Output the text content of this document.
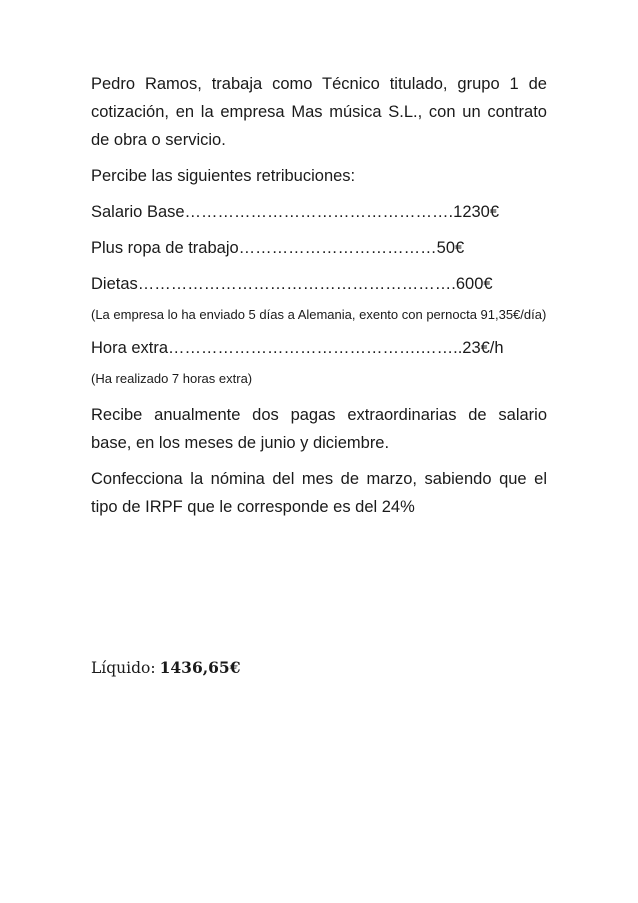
Pedro Ramos, trabaja como Técnico titulado, grupo 1 de cotización, en la empresa Mas música S.L., con un contrato de obra o servicio.

Percibe las siguientes retribuciones:

Salario Base………………………………………….1230€

Plus ropa de trabajo………………………………50€

Dietas………………………………………………….600€

(La empresa lo ha enviado 5 días a Alemania, exento con pernocta 91,35€/día)

Hora extra……………………………………….……..23€/h

(Ha realizado 7 horas extra)

Recibe anualmente dos pagas extraordinarias de salario base, en los meses de junio y diciembre.

Confecciona la nómina del mes de marzo, sabiendo que el tipo de IRPF que le corresponde es del 24%

Líquido: 1436,65€
